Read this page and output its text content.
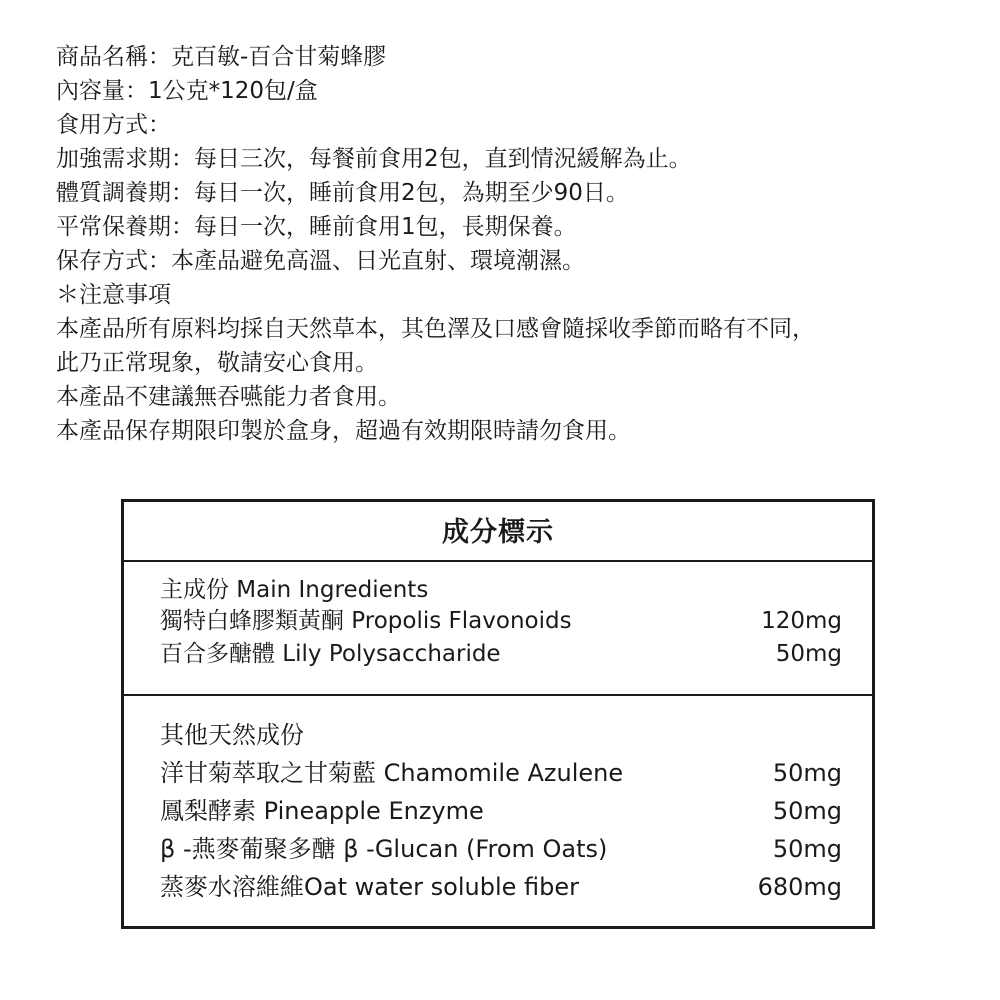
商品名稱：克百敏-百合甘菊蜂膠
內容量：1公克*120包/盒
食用方式：
加強需求期：每日三次，每餐前食用2包，直到情況緩解為止。
體質調養期：每日一次，睡前食用2包，為期至少90日。
平常保養期：每日一次，睡前食用1包，長期保養。
保存方式：本產品避免高溫、日光直射、環境潮濕。
＊注意事項
本產品所有原料均採自天然草本，其色澤及口感會隨採收季節而略有不同，
此乃正常現象，敬請安心食用。
本產品不建議無吞嚥能力者食用。
本產品保存期限印製於盒身，超過有效期限時請勿食用。
成分標示
主成份 Main Ingredients
獨特白蜂膠類黃酮 Propolis Flavonoids	120mg
百合多醣體 Lily Polysaccharide	50mg
其他天然成份
洋甘菊萃取之甘菊藍 Chamomile Azulene	50mg
鳳梨酵素 Pineapple Enzyme	50mg
β -燕麥葡聚多醣 β -Glucan (From Oats)	50mg
蒸麥水溶維維Oat water soluble fiber	680mg
